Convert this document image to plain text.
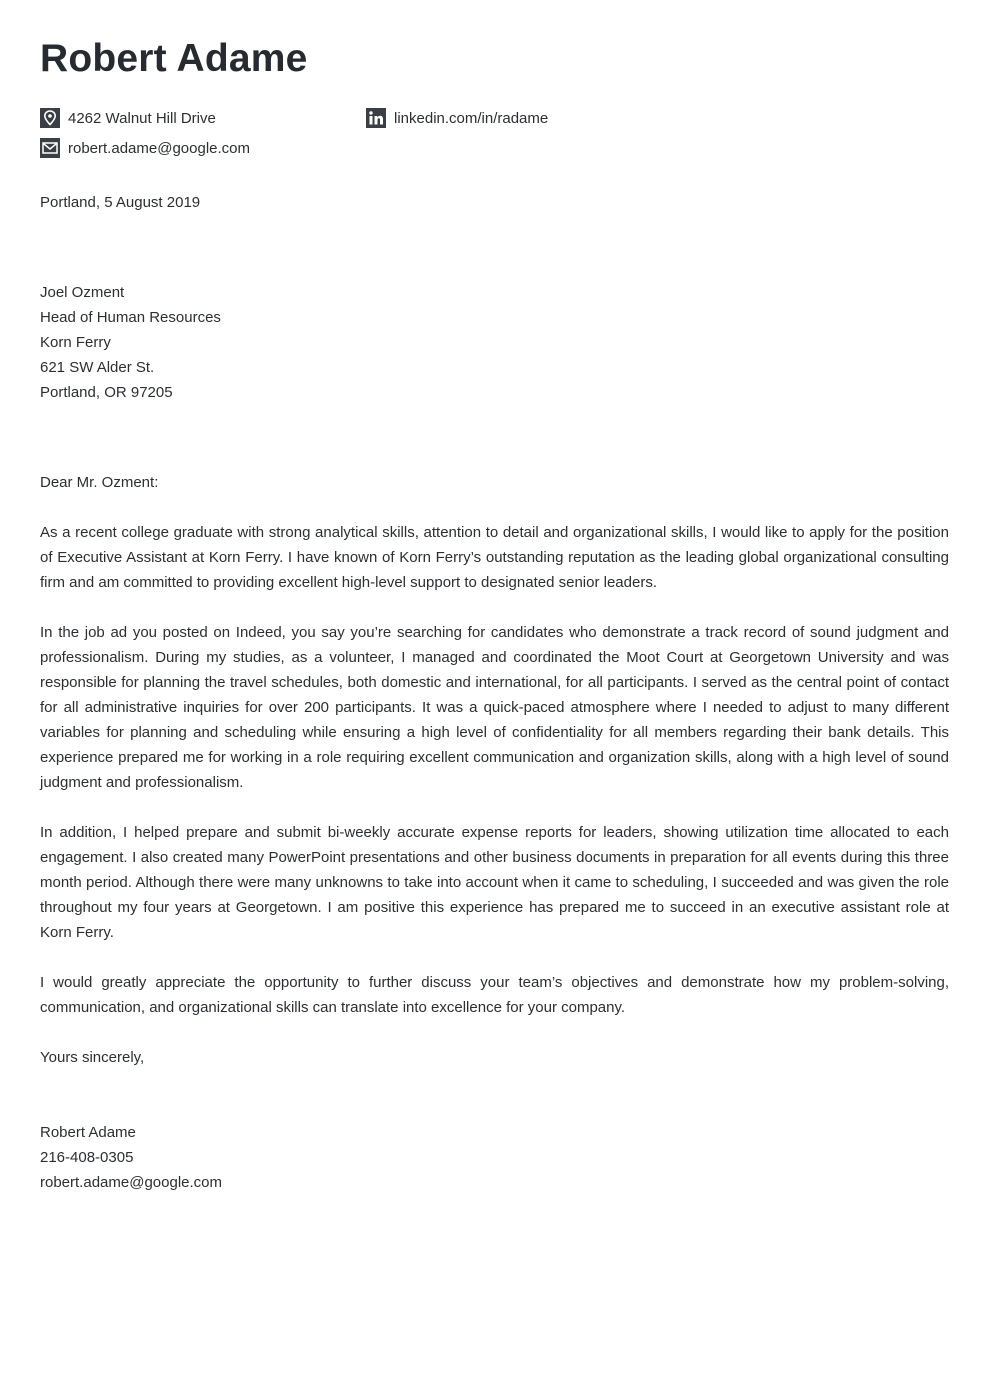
Robert Adame
4262 Walnut Hill Drive	linkedin.com/in/radame
robert.adame@google.com
Portland, 5 August 2019
Joel Ozment
Head of Human Resources
Korn Ferry
621 SW Alder St.
Portland, OR 97205
Dear Mr. Ozment:

As a recent college graduate with strong analytical skills, attention to detail and organizational skills, I would like to apply for the position of Executive Assistant at Korn Ferry. I have known of Korn Ferry’s outstanding reputation as the leading global organizational consulting firm and am committed to providing excellent high-level support to designated senior leaders.

In the job ad you posted on Indeed, you say you’re searching for candidates who demonstrate a track record of sound judgment and professionalism. During my studies, as a volunteer, I managed and coordinated the Moot Court at Georgetown University and was responsible for planning the travel schedules, both domestic and international, for all participants. I served as the central point of contact for all administrative inquiries for over 200 participants. It was a quick-paced atmosphere where I needed to adjust to many different variables for planning and scheduling while ensuring a high level of confidentiality for all members regarding their bank details. This experience prepared me for working in a role requiring excellent communication and organization skills, along with a high level of sound judgment and professionalism.

In addition, I helped prepare and submit bi-weekly accurate expense reports for leaders, showing utilization time allocated to each engagement. I also created many PowerPoint presentations and other business documents in preparation for all events during this three month period. Although there were many unknowns to take into account when it came to scheduling, I succeeded and was given the role throughout my four years at Georgetown. I am positive this experience has prepared me to succeed in an executive assistant role at Korn Ferry.

I would greatly appreciate the opportunity to further discuss your team’s objectives and demonstrate how my problem-solving, communication, and organizational skills can translate into excellence for your company.

Yours sincerely,
Robert Adame
216-408-0305
robert.adame@google.com
